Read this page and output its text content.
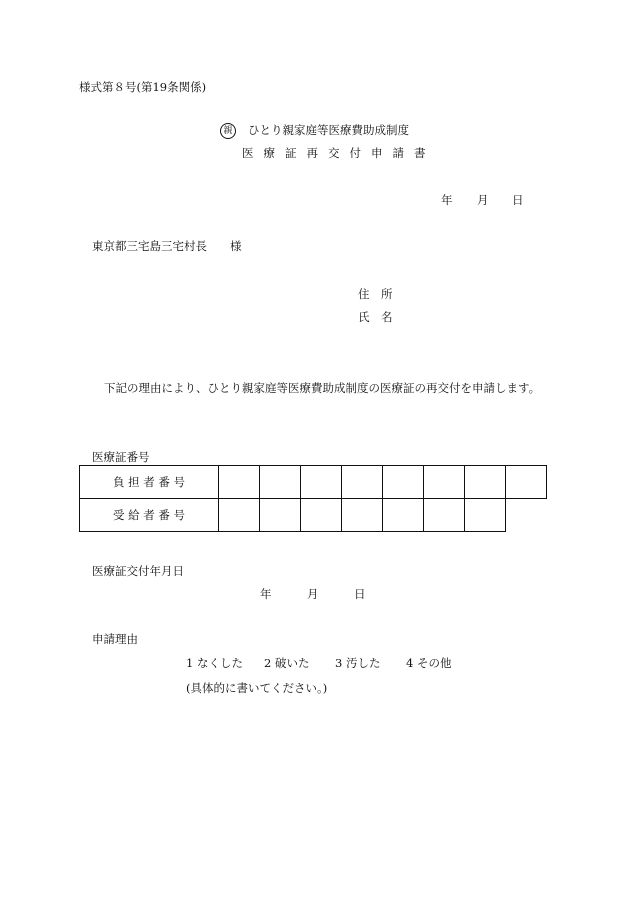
様式第８号(第19条関係)
親 ひとり親家庭等医療費助成制度
医療証再交付申請書
年 月 日
東京都三宅島三宅村長　　様
住　所
氏　名
下記の理由により、ひとり親家庭等医療費助成制度の医療証の再交付を申請します。
医療証番号
負 担 者 番 号								
受 給 者 番 号								
医療証交付年月日
年	月	日
申請理由
1 なくした 2 破いた 3 汚した 4 その他
(具体的に書いてください。)
